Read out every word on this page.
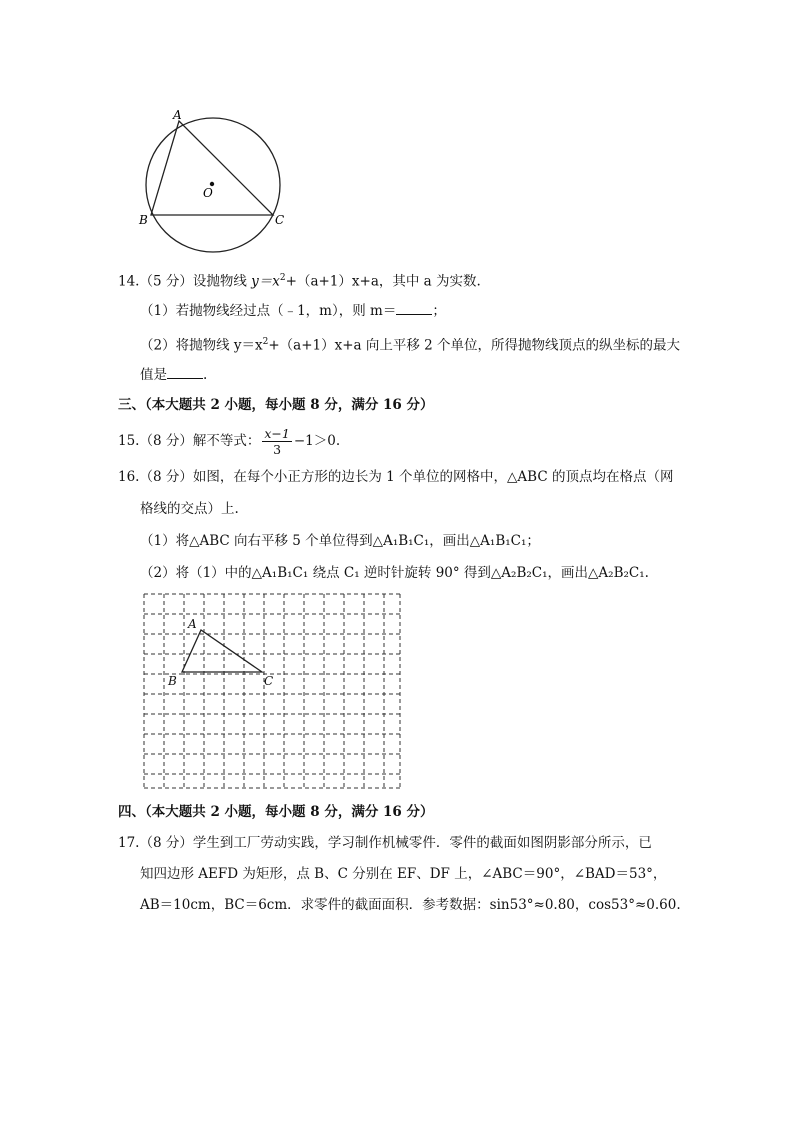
A
B	C
O
14.（5 分）设抛物线 $y=x^2+(a+1)x+a$，其中 a 为实数.
（1）若抛物线经过点（﹣1，m），则 m＝	；
（2）将抛物线 $y=x^2+(a+1)x+a$ 向上平移 2 个单位，所得抛物线顶点的纵坐标的最大
值是	.
三、（本大题共 2 小题，每小题 8 分，满分 16 分）
15.（8 分）解不等式： $\frac{x-1}{3} -1>0$.
16.（8 分）如图，在每个小正方形的边长为 1 个单位的网格中，△ABC 的顶点均在格点（网
格线的交点）上.
（1）将△ABC 向右平移 5 个单位得到△A₁B₁C₁，画出△A₁B₁C₁；
（2）将（1）中的△A₁B₁C₁ 绕点 C₁ 逆时针旋转 90° 得到△A₂B₂C₁，画出△A₂B₂C₁.
A
B	C
四、（本大题共 2 小题，每小题 8 分，满分 16 分）
17.（8 分）学生到工厂劳动实践，学习制作机械零件．零件的截面如图阴影部分所示，已
知四边形 AEFD 为矩形，点 B、C 分别在 EF、DF 上，∠ABC＝90°，∠BAD＝53°，
AB＝10cm，BC＝6cm．求零件的截面面积．参考数据：sin53°≈0.80，cos53°≈0.60.
